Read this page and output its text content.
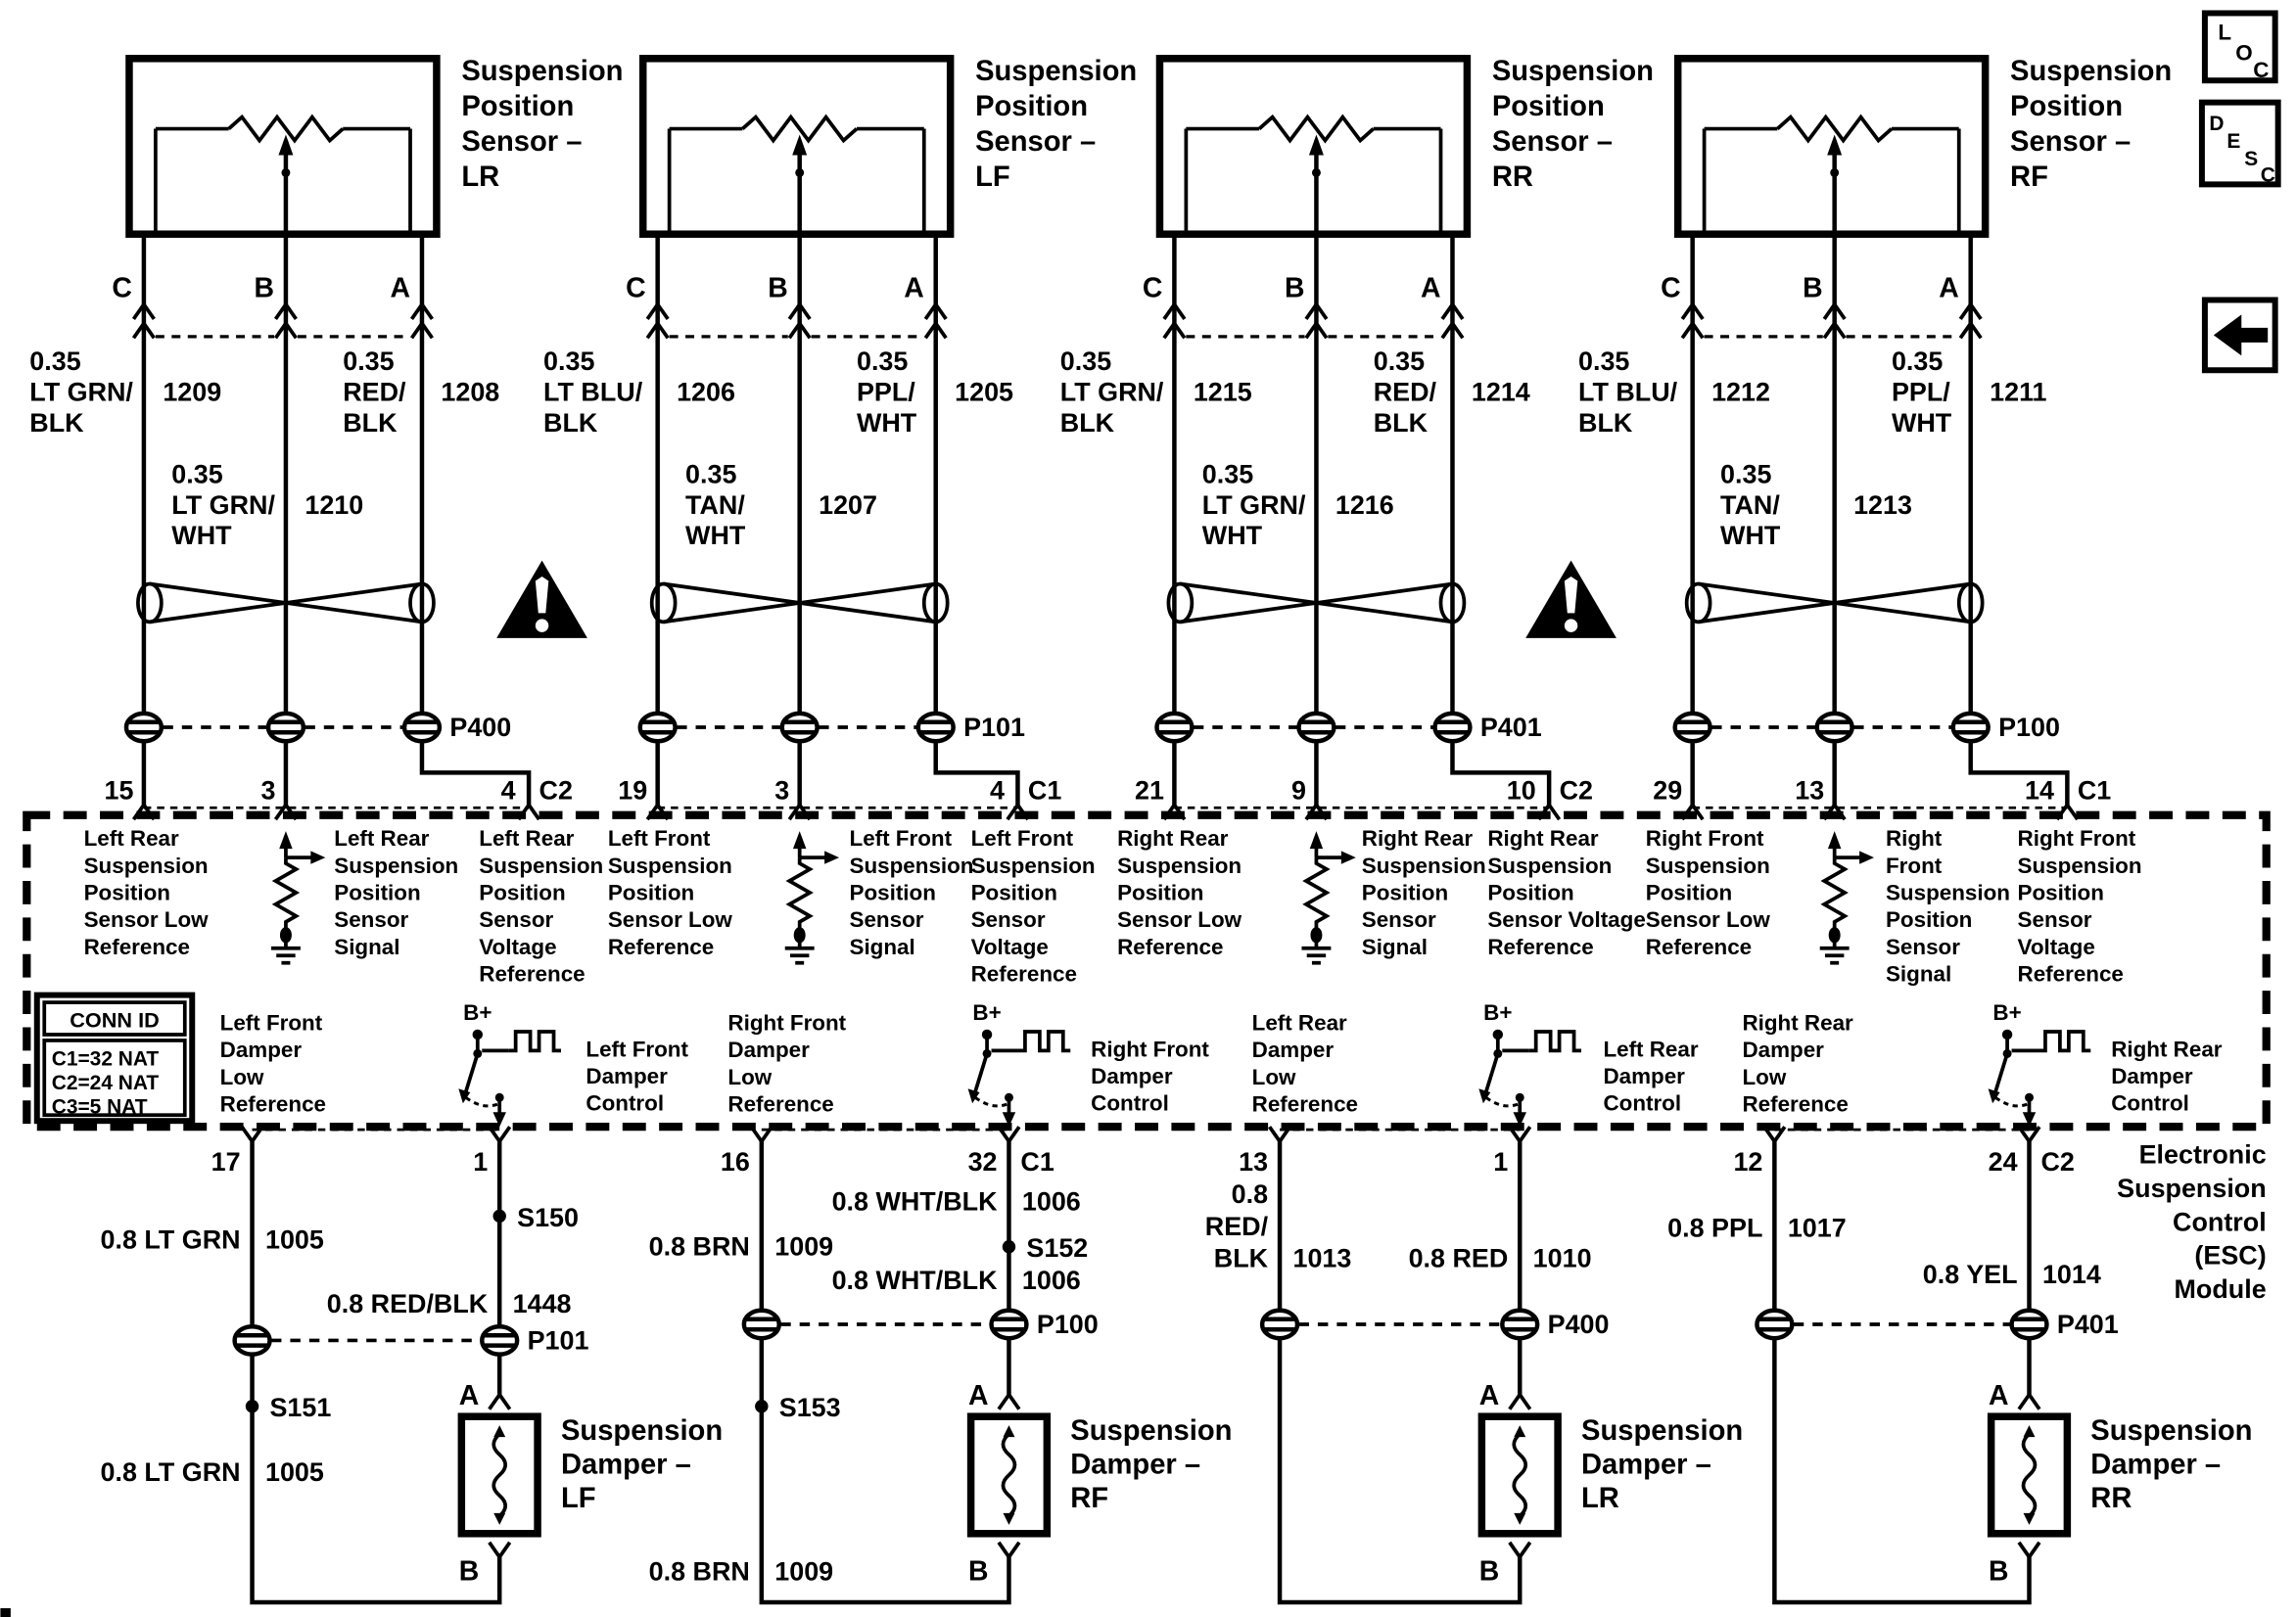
Suspension Position Sensor – LR
C	B	A
0.35 LT GRN/ BLK
1209
0.35 RED/ BLK
1208
0.35 LT GRN/ WHT
1210
P400
15	3	4 C2
Suspension Position Sensor – LF
C	B	A
0.35 LT BLU/ BLK
1206
0.35 PPL/ WHT
1205
0.35 TAN/ WHT
1207
P101
19	3	4 C1
Suspension Position Sensor – RR
C	B	A
0.35 LT GRN/ BLK
1215
0.35 RED/ BLK
1214
0.35 LT GRN/ WHT
1216
P401
21	9	10 C2
Suspension Position Sensor – RF
C	B	A
0.35 LT BLU/ BLK
1212
0.35 PPL/ WHT
1211
0.35 TAN/ WHT
1213
P100
29	13	14 C1
Left Rear Suspension Position Sensor Low Reference
Left Rear Suspension Position Sensor Signal
Left Rear Suspension Position Sensor Voltage Reference
Left Front Suspension Position Sensor Low Reference
Left Front Suspension Position Sensor Signal
Left Front Suspension Position Sensor Voltage Reference
Right Rear Suspension Position Sensor Low Reference
Right Rear Suspension Position Sensor Signal
Right Rear Suspension Position Sensor Voltage Reference
Right Front Suspension Position Sensor Low Reference
Right Front Suspension Position Sensor Signal
Right Front Suspension Position Sensor Voltage Reference
CONN ID
C1=32 NAT C2=24 NAT C3=5 NAT
Left Front Damper Low Reference
Left Front Damper Control
Right Front Damper Low Reference
Right Front Damper Control
Left Rear Damper Low Reference
Left Rear Damper Control
Right Rear Damper Low Reference
Right Rear Damper Control
B+	B+	B+	B+
17	1	16	32 C1	13	1	12	24 C2	Electronic Suspension Control (ESC) Module
0.8 LT GRN 1005
S150
0.8 RED/BLK 1448
P101
S151
0.8 LT GRN 1005
A
Suspension Damper – LF
B
0.8 WHT/BLK 1006
S152
0.8 WHT/BLK 1006
0.8 BRN 1009
P100
S153	A
Suspension Damper – RF
B
0.8 BRN 1009
0.8 RED/ BLK 1013	0.8 RED 1010
P400
A
Suspension Damper – LR
B
0.8 PPL 1017
0.8 YEL 1014
P401
A
Suspension Damper – RR
B
L
O
C
D
E
S
C
